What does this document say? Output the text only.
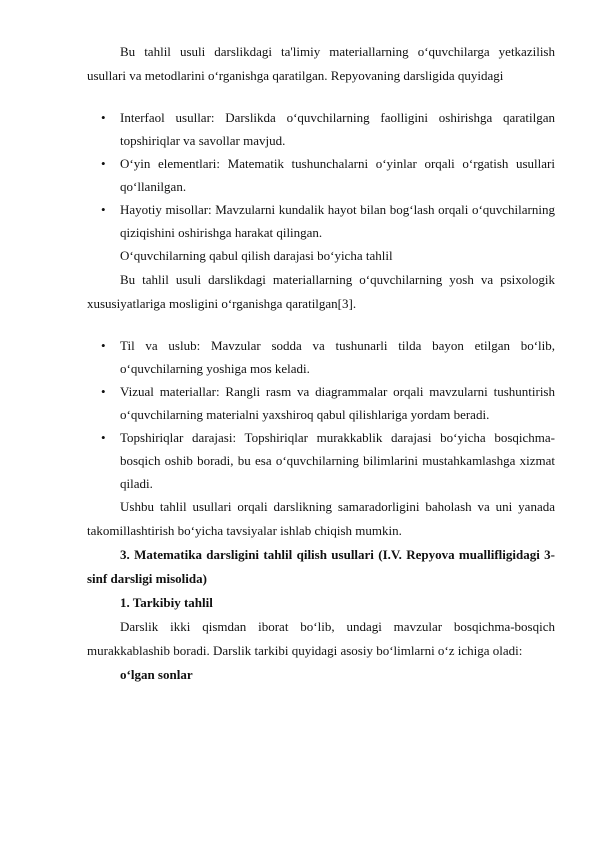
Bu tahlil usuli darslikdagi ta'limiy materiallarning o‘quvchilarga yetkazilish usullari va metodlarini o‘rganishga qaratilgan. Repyovaning darsligida quyidagi

• Interfaol usullar: Darslikda o‘quvchilarning faolligini oshirishga qaratilgan topshiriqlar va savollar mavjud.
• O‘yin elementlari: Matematik tushunchalarni o‘yinlar orqali o‘rgatish usullari qo‘llanilgan.
• Hayotiy misollar: Mavzularni kundalik hayot bilan bog‘lash orqali o‘quvchilarning qiziqishini oshirishga harakat qilingan.

O‘quvchilarning qabul qilish darajasi bo‘yicha tahlil

Bu tahlil usuli darslikdagi materiallarning o‘quvchilarning yosh va psixologik xususiyatlariga mosligini o‘rganishga qaratilgan[3].

• Til va uslub: Mavzular sodda va tushunarli tilda bayon etilgan bo‘lib, o‘quvchilarning yoshiga mos keladi.
• Vizual materiallar: Rangli rasm va diagrammalar orqali mavzularni tushuntirish o‘quvchilarning materialni yaxshiroq qabul qilishlariga yordam beradi.
• Topshiriqlar darajasi: Topshiriqlar murakkablik darajasi bo‘yicha bosqichma-bosqich oshib boradi, bu esa o‘quvchilarning bilimlarini mustahkamlashga xizmat qiladi.

Ushbu tahlil usullari orqali darslikning samaradorligini baholash va uni yanada takomillashtirish bo‘yicha tavsiyalar ishlab chiqish mumkin.

3. Matematika darsligini tahlil qilish usullari (I.V. Repyova muallifligidagi 3-sinf darsligi misolida)

1. Tarkibiy tahlil

Darslik ikki qismdan iborat bo‘lib, undagi mavzular bosqichma-bosqich murakkablashib boradi. Darslik tarkibi quyidagi asosiy bo‘limlarni o‘z ichiga oladi:

o‘lgan sonlar
